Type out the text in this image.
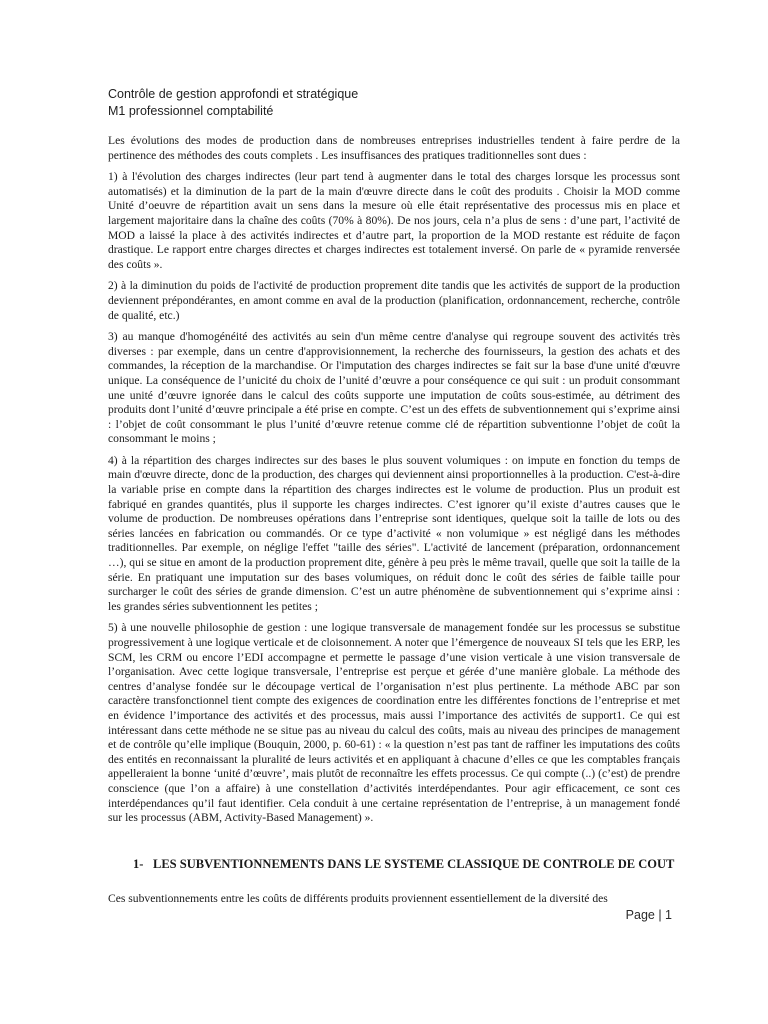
Contrôle de gestion approfondi et stratégique
M1 professionnel comptabilité

Les évolutions des modes de production dans de nombreuses entreprises industrielles tendent à faire perdre de la pertinence des méthodes des couts complets . Les insuffisances des pratiques traditionnelles sont dues :

1) à l'évolution des charges indirectes (leur part tend à augmenter dans le total des charges lorsque les processus sont automatisés) et la diminution de la part de la main d'œuvre directe dans le coût des produits . Choisir la MOD comme Unité d’oeuvre de répartition avait un sens dans la mesure où elle était représentative des processus mis en place et largement majoritaire dans la chaîne des coûts (70% à 80%). De nos jours, cela n’a plus de sens : d’une part, l’activité de MOD a laissé la place à des activités indirectes et d’autre part, la proportion de la MOD restante est réduite de façon drastique. Le rapport entre charges directes et charges indirectes est totalement inversé. On parle de « pyramide renversée des coûts ».

2) à la diminution du poids de l'activité de production proprement dite tandis que les activités de support de la production deviennent prépondérantes, en amont comme en aval de la production (planification, ordonnancement, recherche, contrôle de qualité, etc.)

3) au manque d'homogénéité des activités au sein d'un même centre d'analyse qui regroupe souvent des activités très diverses : par exemple, dans un centre d'approvisionnement, la recherche des fournisseurs, la gestion des achats et des commandes, la réception de la marchandise. Or l'imputation des charges indirectes se fait sur la base d'une unité d'œuvre unique. La conséquence de l’unicité du choix de l’unité d’œuvre a pour conséquence ce qui suit : un produit consommant une unité d’œuvre ignorée dans le calcul des coûts supporte une imputation de coûts sous-estimée, au détriment des produits dont l’unité d’œuvre principale a été prise en compte. C’est un des effets de subventionnement qui s’exprime ainsi : l’objet de coût consommant le plus l’unité d’œuvre retenue comme clé de répartition subventionne l’objet de coût la consommant le moins ;

4) à la répartition des charges indirectes sur des bases le plus souvent volumiques : on impute en fonction du temps de main d'œuvre directe, donc de la production, des charges qui deviennent ainsi proportionnelles à la production. C'est-à-dire la variable prise en compte dans la répartition des charges indirectes est le volume de production. Plus un produit est fabriqué en grandes quantités, plus il supporte les charges indirectes. C’est ignorer qu’il existe d’autres causes que le volume de production. De nombreuses opérations dans l’entreprise sont identiques, quelque soit la taille de lots ou des séries lancées en fabrication ou commandés. Or ce type d’activité « non volumique » est négligé dans les méthodes traditionnelles. Par exemple, on néglige l'effet "taille des séries". L'activité de lancement (préparation, ordonnancement …), qui se situe en amont de la production proprement dite, génère à peu près le même travail, quelle que soit la taille de la série. En pratiquant une imputation sur des bases volumiques, on réduit donc le coût des séries de faible taille pour surcharger le coût des séries de grande dimension. C’est un autre phénomène de subventionnement qui s’exprime ainsi : les grandes séries subventionnent les petites ;

5) à une nouvelle philosophie de gestion : une logique transversale de management fondée sur les processus se substitue progressivement à une logique verticale et de cloisonnement. A noter que l’émergence de nouveaux SI tels que les ERP, les SCM, les CRM ou encore l’EDI accompagne et permette le passage d’une vision verticale à une vision transversale de l’organisation. Avec cette logique transversale, l’entreprise est perçue et gérée d’une manière globale. La méthode des centres d’analyse fondée sur le découpage vertical de l’organisation n’est plus pertinente. La méthode ABC par son caractère transfonctionnel tient compte des exigences de coordination entre les différentes fonctions de l’entreprise et met en évidence l’importance des activités et des processus, mais aussi l’importance des activités de support1. Ce qui est intéressant dans cette méthode ne se situe pas au niveau du calcul des coûts, mais au niveau des principes de management et de contrôle qu’elle implique (Bouquin, 2000, p. 60-61) : « la question n’est pas tant de raffiner les imputations des coûts des entités en reconnaissant la pluralité de leurs activités et en appliquant à chacune d’elles ce que les comptables français appelleraient la bonne ‘unité d’œuvre’, mais plutôt de reconnaître les effets processus. Ce qui compte (..) (c’est) de prendre conscience (que l’on a affaire) à une constellation d’activités interdépendantes. Pour agir efficacement, ce sont ces interdépendances qu’il faut identifier. Cela conduit à une certaine représentation de l’entreprise, à un management fondé sur les processus (ABM, Activity-Based Management) ».

1- LES SUBVENTIONNEMENTS DANS LE SYSTEME CLASSIQUE DE CONTROLE DE COUT
Ces subventionnements entre les coûts de différents produits proviennent essentiellement de la diversité des
Page | 1
